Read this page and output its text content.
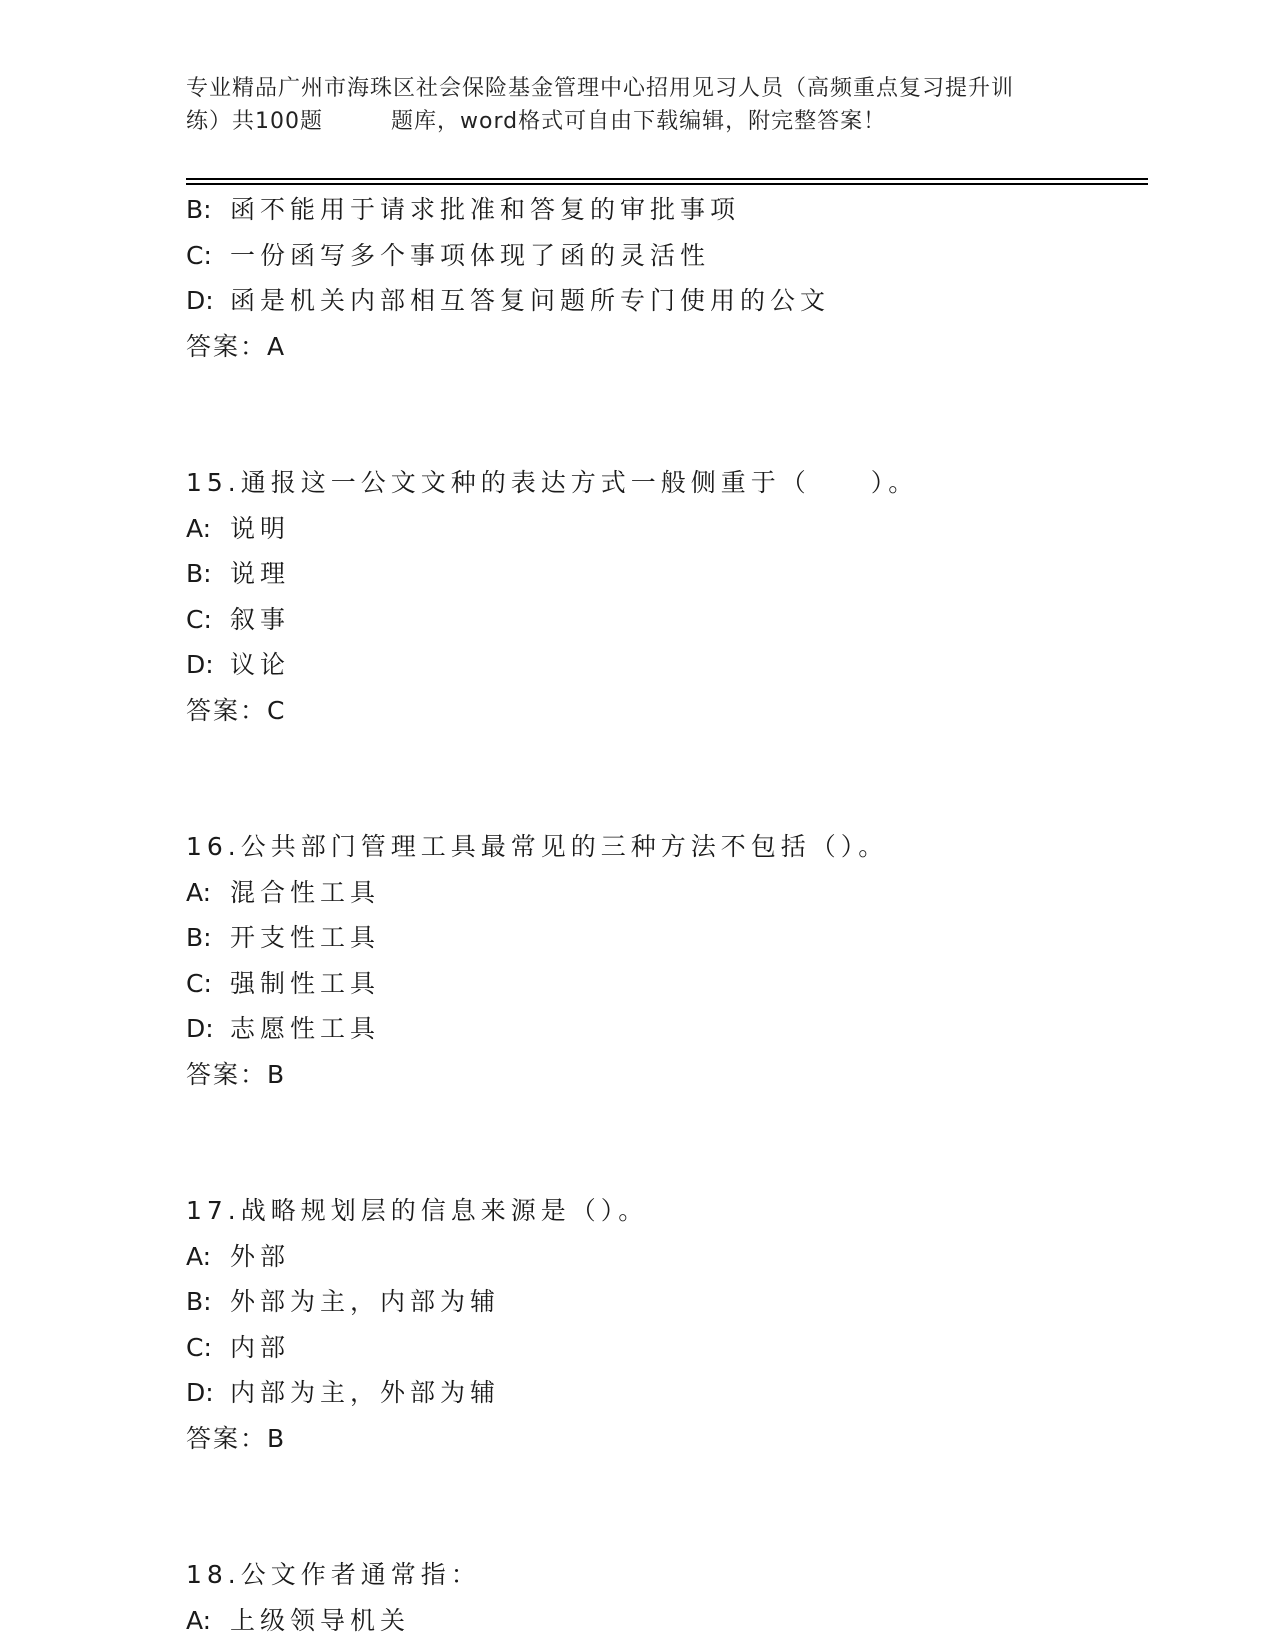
专业精品广州市海珠区社会保险基金管理中心招用见习人员（高频重点复习提升训
练）共100题	题库，word格式可自由下载编辑，附完整答案！
B: 函不能用于请求批准和答复的审批事项
C: 一份函写多个事项体现了函的灵活性
D: 函是机关内部相互答复问题所专门使用的公文
答案：A
15.通报这一公文文种的表达方式一般侧重于（　　）。
A: 说明
B: 说理
C: 叙事
D: 议论
答案：C
16.公共部门管理工具最常见的三种方法不包括（）。
A: 混合性工具
B: 开支性工具
C: 强制性工具
D: 志愿性工具
答案：B
17.战略规划层的信息来源是（）。
A: 外部
B: 外部为主，内部为辅
C: 内部
D: 内部为主，外部为辅
答案：B
18.公文作者通常指：
A: 上级领导机关
